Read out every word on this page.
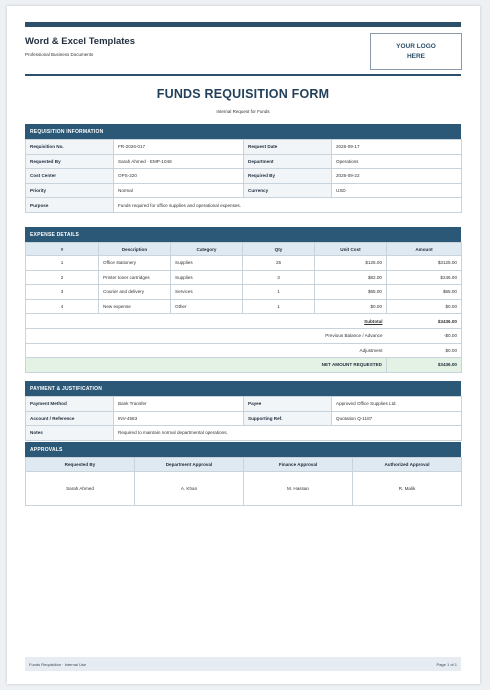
Word & Excel Templates
Professional Business Documents
YOUR LOGO
HERE
FUNDS REQUISITION FORM
Internal Request for Funds
REQUISITION INFORMATION
Requisition No.	FR-2026-017	Request Date	2026-09-17
Requested By	Sarah Ahmed · EMP-1048	Department	Operations
Cost Center	OPS-220	Required By	2026-09-22
Priority	Normal	Currency	USD
Purpose	Funds required for office supplies and operational expenses.		
EXPENSE DETAILS
#	Description	Category	Qty	Unit Cost	Amount
1	Office stationery	Supplies	25	$125.00	$3125.00
2	Printer toner cartridges	Supplies	3	$82.00	$246.00
3	Courier and delivery	Services	1	$65.00	$65.00
4	New expense	Other	1	$0.00	$0.00
Subtotal					$3436.00
Previous Balance / Advance					-$0.00
Adjustment					$0.00
NET AMOUNT REQUESTED					$3436.00
PAYMENT & JUSTIFICATION
Payment Method	Bank Transfer	Payee	Approved Office Supplies Ltd.
Account / Reference	INV-4583	Supporting Ref.	Quotation Q-1187
Notes	Required to maintain normal departmental operations.		
APPROVALS
Requested By	Department Approval	Finance Approval	Authorized Approval
Sarah Ahmed	A. Khan	M. Hassan	R. Malik
Funds Requisition · Internal Use	Page 1 of 1
